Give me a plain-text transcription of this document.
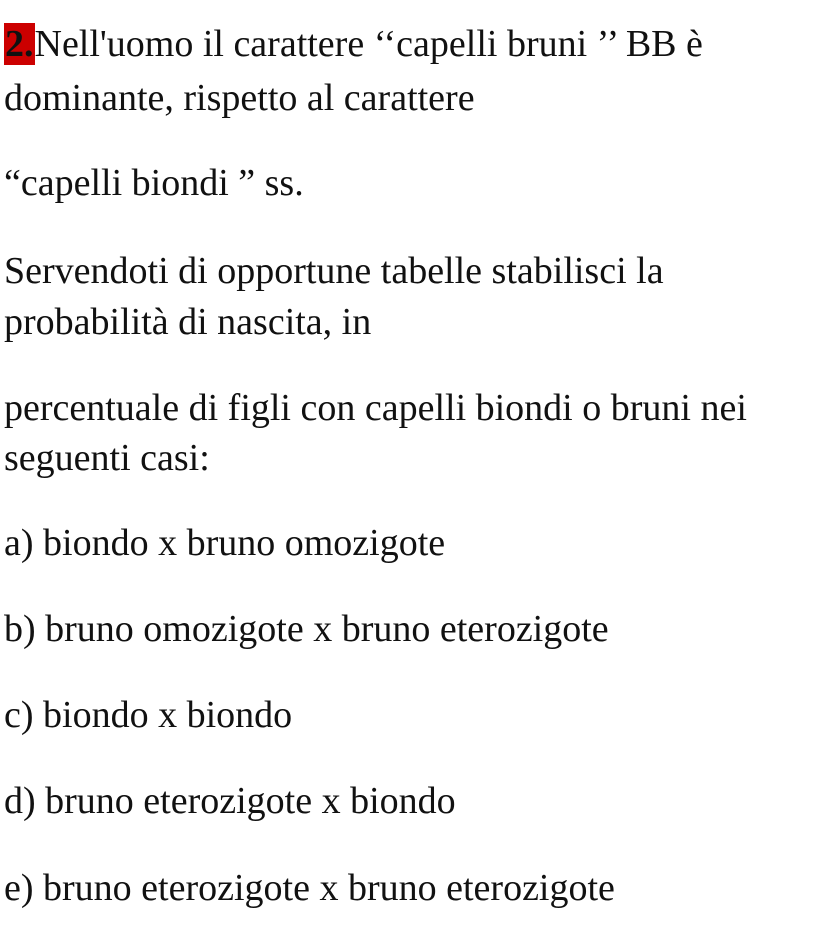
2.Nell'uomo il carattere ‘‘capelli bruni ’’ BB è

dominante, rispetto al carattere

“capelli biondi ” ss.

Servendoti di opportune tabelle stabilisci la

probabilità di nascita, in

percentuale di figli con capelli biondi o bruni nei

seguenti casi:

a) biondo x bruno omozigote

b) bruno omozigote x bruno eterozigote

c) biondo x biondo

d) bruno eterozigote x biondo

e) bruno eterozigote x bruno eterozigote
